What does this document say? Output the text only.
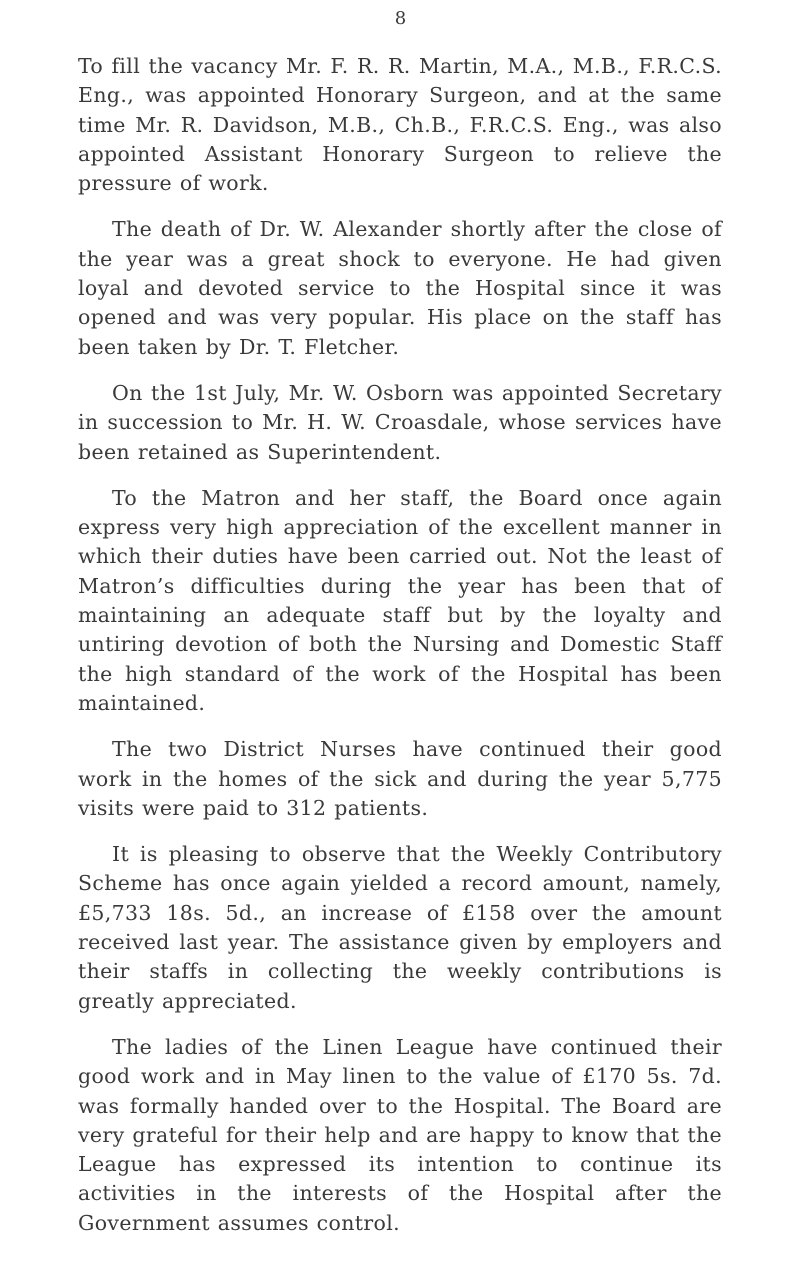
8

To fill the vacancy Mr. F. R. R. Martin, M.A., M.B., F.R.C.S. Eng., was appointed Honorary Surgeon, and at the same time Mr. R. Davidson, M.B., Ch.B., F.R.C.S. Eng., was also appointed Assistant Honorary Surgeon to relieve the pressure of work.

The death of Dr. W. Alexander shortly after the close of the year was a great shock to everyone. He had given loyal and devoted service to the Hospital since it was opened and was very popular. His place on the staff has been taken by Dr. T. Fletcher.

On the 1st July, Mr. W. Osborn was appointed Secretary in succession to Mr. H. W. Croasdale, whose services have been retained as Superintendent.

To the Matron and her staff, the Board once again express very high appreciation of the excellent manner in which their duties have been carried out. Not the least of Matron’s difficulties during the year has been that of maintaining an adequate staff but by the loyalty and untiring devotion of both the Nursing and Domestic Staff the high standard of the work of the Hospital has been maintained.

The two District Nurses have continued their good work in the homes of the sick and during the year 5,775 visits were paid to 312 patients.

It is pleasing to observe that the Weekly Contributory Scheme has once again yielded a record amount, namely, £5,733 18s. 5d., an increase of £158 over the amount received last year. The assistance given by employers and their staffs in collecting the weekly contributions is greatly appreciated.

The ladies of the Linen League have continued their good work and in May linen to the value of £170 5s. 7d. was formally handed over to the Hospital. The Board are very grateful for their help and are happy to know that the League has expressed its intention to continue its activities in the interests of the Hospital after the Government assumes control.
